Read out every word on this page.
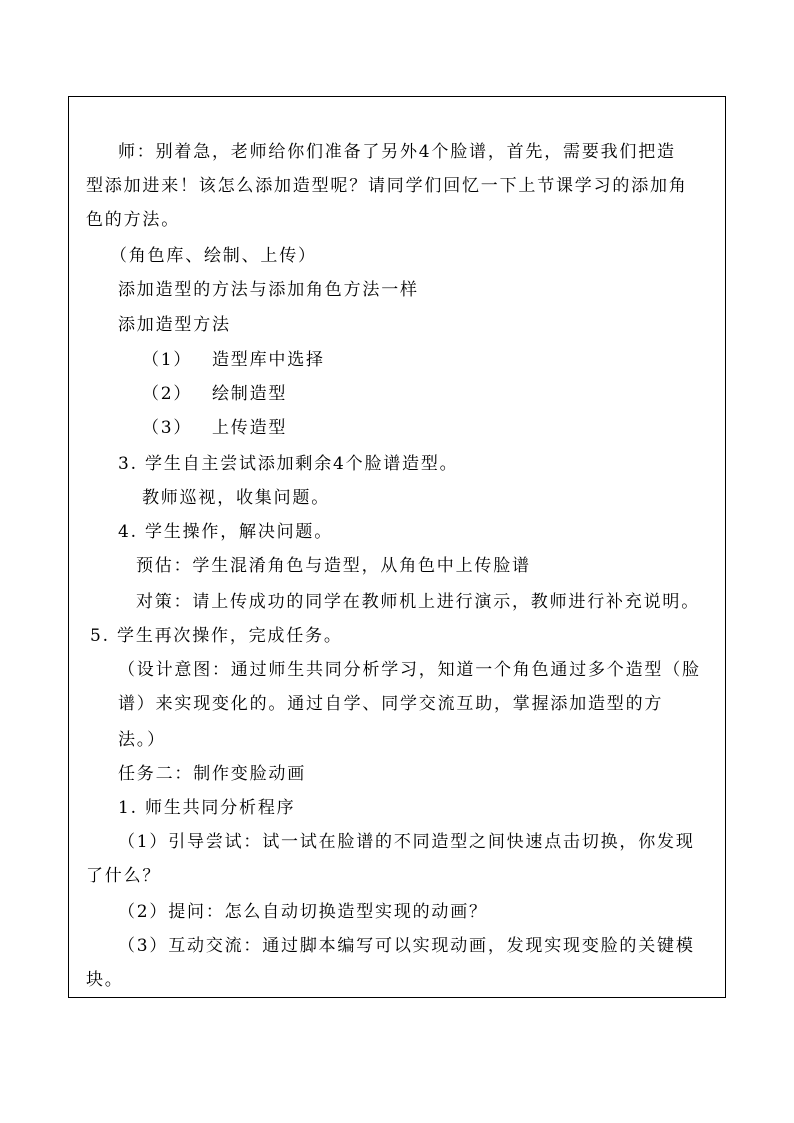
师：别着急，老师给你们准备了另外4个脸谱，首先，需要我们把造
型添加进来！该怎么添加造型呢？请同学们回忆一下上节课学习的添加角
色的方法。
（角色库、绘制、上传）
添加造型的方法与添加角色方法一样
添加造型方法
（1） 造型库中选择
（2） 绘制造型
（3） 上传造型
3. 学生自主尝试添加剩余4个脸谱造型。
教师巡视，收集问题。
4. 学生操作，解决问题。
预估：学生混淆角色与造型，从角色中上传脸谱
对策：请上传成功的同学在教师机上进行演示，教师进行补充说明。
5. 学生再次操作，完成任务。
（设计意图：通过师生共同分析学习，知道一个角色通过多个造型（脸
谱）来实现变化的。通过自学、同学交流互助，掌握添加造型的方
法。）
任务二：制作变脸动画
1. 师生共同分析程序
（1）引导尝试：试一试在脸谱的不同造型之间快速点击切换，你发现
了什么？
（2）提问：怎么自动切换造型实现的动画？
（3）互动交流：通过脚本编写可以实现动画，发现实现变脸的关键模
块。
